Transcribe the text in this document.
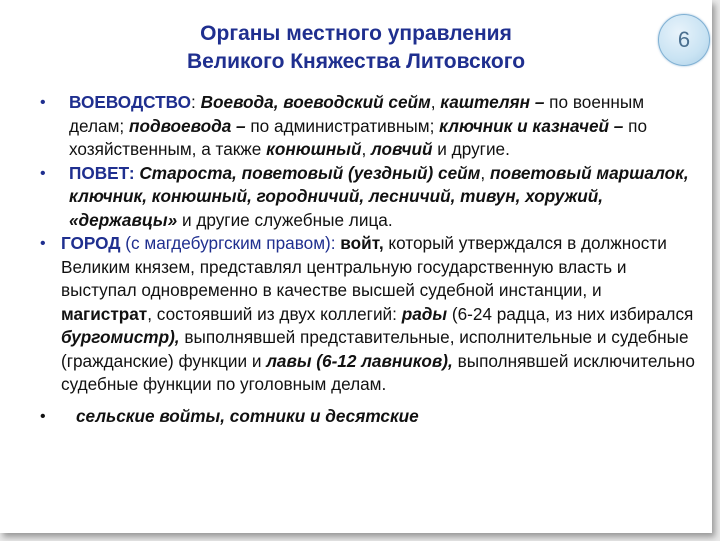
Органы местного управления
Великого Княжества Литовского
6
• ВОЕВОДСТВО: Воевода, воеводский сейм, каштелян – по военным делам; подвоевода – по административным; ключник и казначей – по хозяйственным, а также конюшный, ловчий и другие.
• ПОВЕТ: Староста, поветовый (уездный) сейм, поветовый маршалок, ключник, конюшный, городничий, лесничий, тивун, хоружий, «державцы» и другие служебные лица.
• ГОРОД (с магдебургским правом): войт, который утверждался в должности Великим князем, представлял центральную государственную власть и выступал одновременно в качестве высшей судебной инстанции, и магистрат, состоявший из двух коллегий: рады (6-24 радца, из них избирался бургомистр), выполнявшей представительные, исполнительные и судебные (гражданские) функции и лавы (6-12 лавников), выполнявшей исключительно судебные функции по уголовным делам.
• сельские войты, сотники и десятские
